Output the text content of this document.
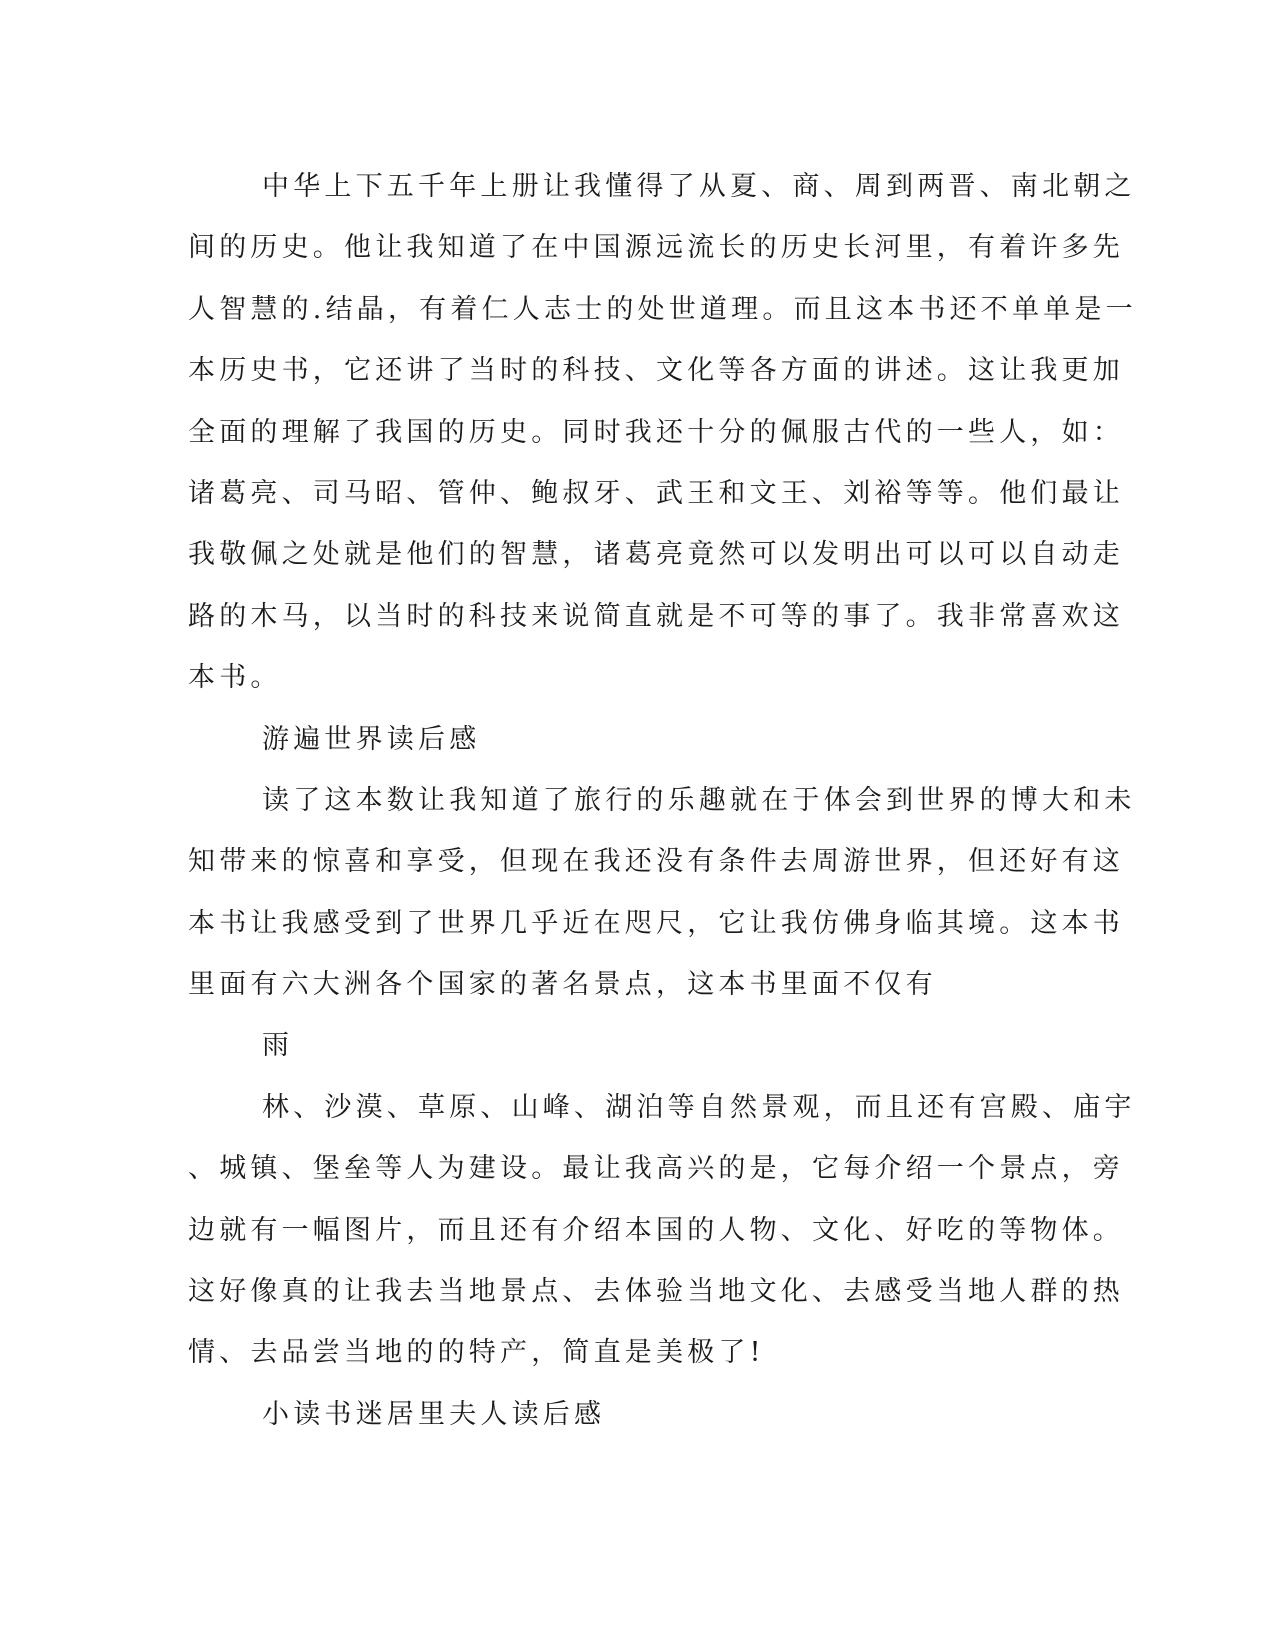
中华上下五千年上册让我懂得了从夏、商、周到两晋、南北朝之
间的历史。他让我知道了在中国源远流长的历史长河里，有着许多先
人智慧的.结晶，有着仁人志士的处世道理。而且这本书还不单单是一
本历史书，它还讲了当时的科技、文化等各方面的讲述。这让我更加
全面的理解了我国的历史。同时我还十分的佩服古代的一些人，如：
诸葛亮、司马昭、管仲、鲍叔牙、武王和文王、刘裕等等。他们最让
我敬佩之处就是他们的智慧，诸葛亮竟然可以发明出可以可以自动走
路的木马，以当时的科技来说简直就是不可等的事了。我非常喜欢这
本书。
游遍世界读后感
读了这本数让我知道了旅行的乐趣就在于体会到世界的博大和未
知带来的惊喜和享受，但现在我还没有条件去周游世界，但还好有这
本书让我感受到了世界几乎近在咫尺，它让我仿佛身临其境。这本书
里面有六大洲各个国家的著名景点，这本书里面不仅有
雨
林、沙漠、草原、山峰、湖泊等自然景观，而且还有宫殿、庙宇
、城镇、堡垒等人为建设。最让我高兴的是，它每介绍一个景点，旁
边就有一幅图片，而且还有介绍本国的人物、文化、好吃的等物体。
这好像真的让我去当地景点、去体验当地文化、去感受当地人群的热
情、去品尝当地的的特产，简直是美极了!
小读书迷居里夫人读后感
